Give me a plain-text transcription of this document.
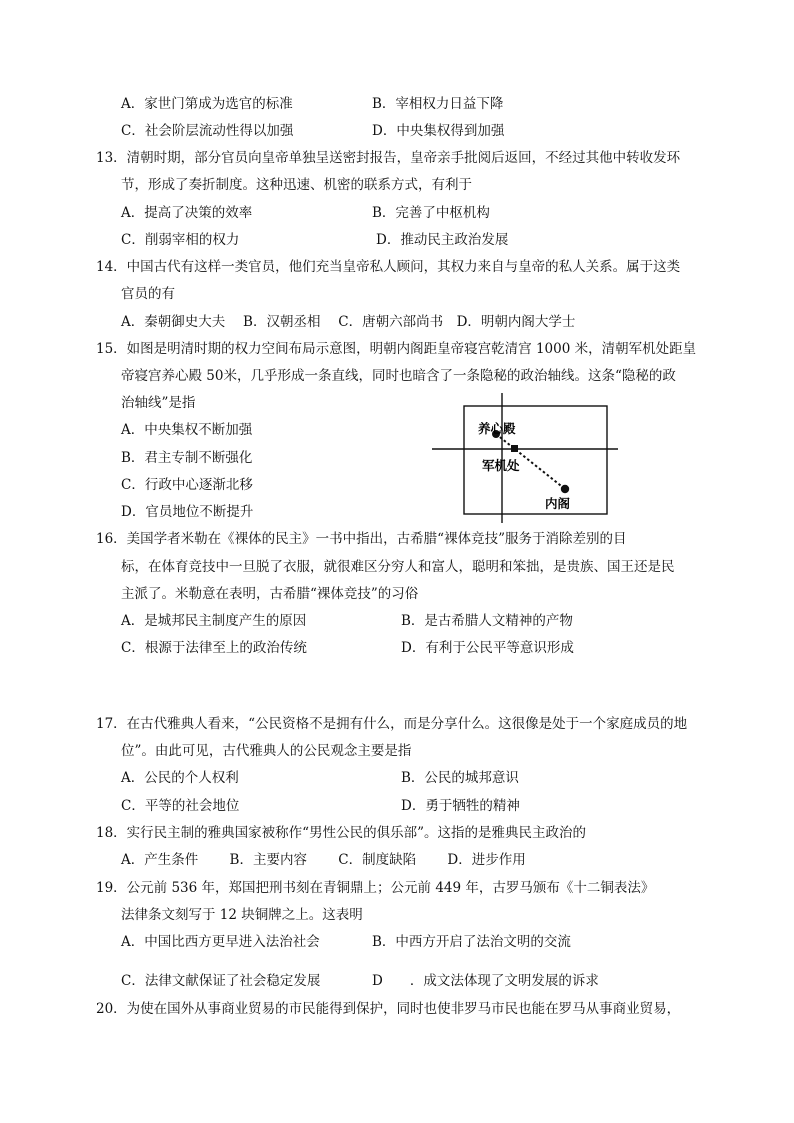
A．家世门第成为选官的标准	B．宰相权力日益下降
C．社会阶层流动性得以加强	D．中央集权得到加强
13．清朝时期，部分官员向皇帝单独呈送密封报告，皇帝亲手批阅后返回，不经过其他中转收发环
节，形成了奏折制度。这种迅速、机密的联系方式，有利于
A．提高了决策的效率	B．完善了中枢机构
C．削弱宰相的权力	D．推动民主政治发展
14．中国古代有这样一类官员，他们充当皇帝私人顾问，其权力来自与皇帝的私人关系。属于这类
官员的有
A．秦朝御史大夫　 B．汉朝丞相　 C．唐朝六部尚书　D．明朝内阁大学士
15．如图是明清时期的权力空间布局示意图，明朝内阁距皇帝寝宫乾清宫 1000 米，清朝军机处距皇
帝寝宫养心殿 50米，几乎形成一条直线，同时也暗含了一条隐秘的政治轴线。这条“隐秘的政
治轴线”是指
A．中央集权不断加强
B．君主专制不断强化
C．行政中心逐渐北移
D．官员地位不断提升
养心殿
军机处
内阁
16．美国学者米勒在《裸体的民主》一书中指出，古希腊“裸体竞技”服务于消除差别的目
标，在体育竞技中一旦脱了衣服，就很难区分穷人和富人，聪明和笨拙，是贵族、国王还是民
主派了。米勒意在表明，古希腊“裸体竞技”的习俗
A．是城邦民主制度产生的原因	B．是古希腊人文精神的产物
C．根源于法律至上的政治传统	D．有利于公民平等意识形成
17．在古代雅典人看来，“公民资格不是拥有什么，而是分享什么。这很像是处于一个家庭成员的地
位”。由此可见，古代雅典人的公民观念主要是指
A．公民的个人权利	B．公民的城邦意识
C．平等的社会地位	D．勇于牺牲的精神
18．实行民主制的雅典国家被称作“男性公民的俱乐部”。这指的是雅典民主政治的
A．产生条件　　 B．主要内容　　 C．制度缺陷　　 D．进步作用
19．公元前 536 年，郑国把刑书刻在青铜鼎上；公元前 449 年，古罗马颁布《十二铜表法》
法律条文刻写于 12 块铜牌之上。这表明
A．中国比西方更早进入法治社会	B．中西方开启了法治文明的交流
C．法律文献保证了社会稳定发展	D　　．成文法体现了文明发展的诉求
20．为使在国外从事商业贸易的市民能得到保护，同时也使非罗马市民也能在罗马从事商业贸易，
